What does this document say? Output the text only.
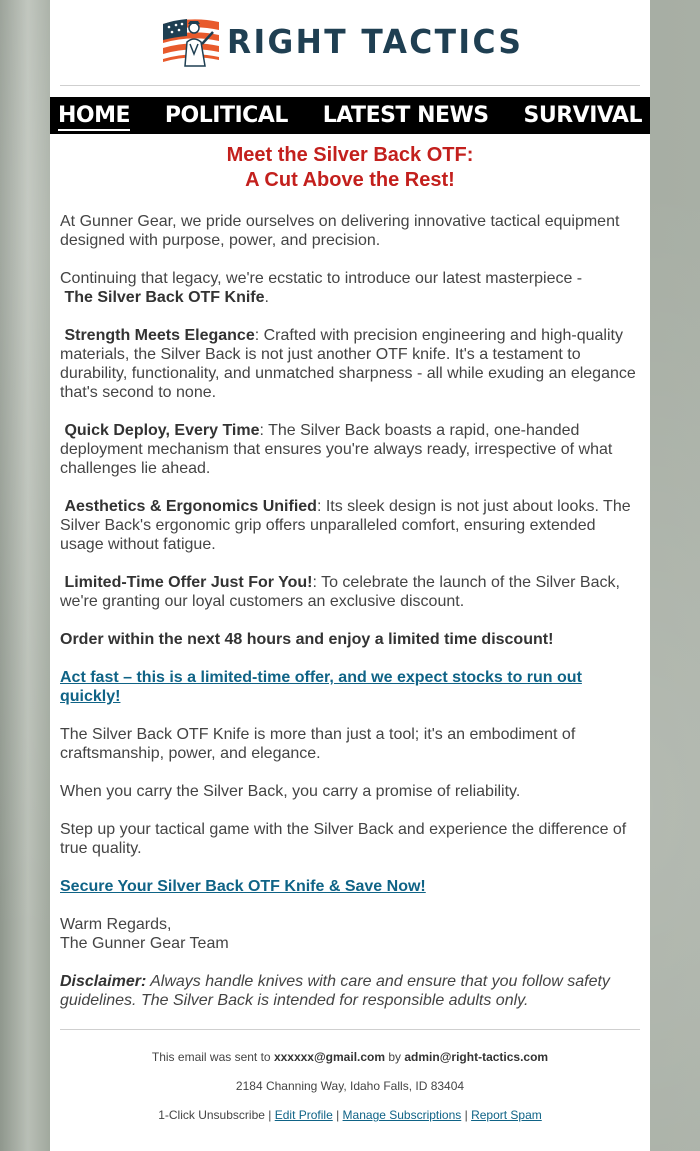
RIGHT TACTICS
HOME POLITICAL LATEST NEWS SURVIVAL
Meet the Silver Back OTF:
A Cut Above the Rest!

At Gunner Gear, we pride ourselves on delivering innovative tactical equipment designed with purpose, power, and precision.

Continuing that legacy, we're ecstatic to introduce our latest masterpiece -
The Silver Back OTF Knife.

Strength Meets Elegance: Crafted with precision engineering and high-quality materials, the Silver Back is not just another OTF knife. It's a testament to durability, functionality, and unmatched sharpness - all while exuding an elegance that's second to none.

Quick Deploy, Every Time: The Silver Back boasts a rapid, one-handed deployment mechanism that ensures you're always ready, irrespective of what challenges lie ahead.

Aesthetics & Ergonomics Unified: Its sleek design is not just about looks. The Silver Back's ergonomic grip offers unparalleled comfort, ensuring extended usage without fatigue.

Limited-Time Offer Just For You!: To celebrate the launch of the Silver Back, we're granting our loyal customers an exclusive discount.

Order within the next 48 hours and enjoy a limited time discount!

Act fast – this is a limited-time offer, and we expect stocks to run out quickly!

The Silver Back OTF Knife is more than just a tool; it's an embodiment of craftsmanship, power, and elegance.

When you carry the Silver Back, you carry a promise of reliability.

Step up your tactical game with the Silver Back and experience the difference of true quality.

Secure Your Silver Back OTF Knife & Save Now!

Warm Regards,
The Gunner Gear Team

Disclaimer: Always handle knives with care and ensure that you follow safety guidelines. The Silver Back is intended for responsible adults only.

This email was sent to xxxxxx@gmail.com by admin@right-tactics.com

2184 Channing Way, Idaho Falls, ID 83404

1-Click Unsubscribe | Edit Profile | Manage Subscriptions | Report Spam
